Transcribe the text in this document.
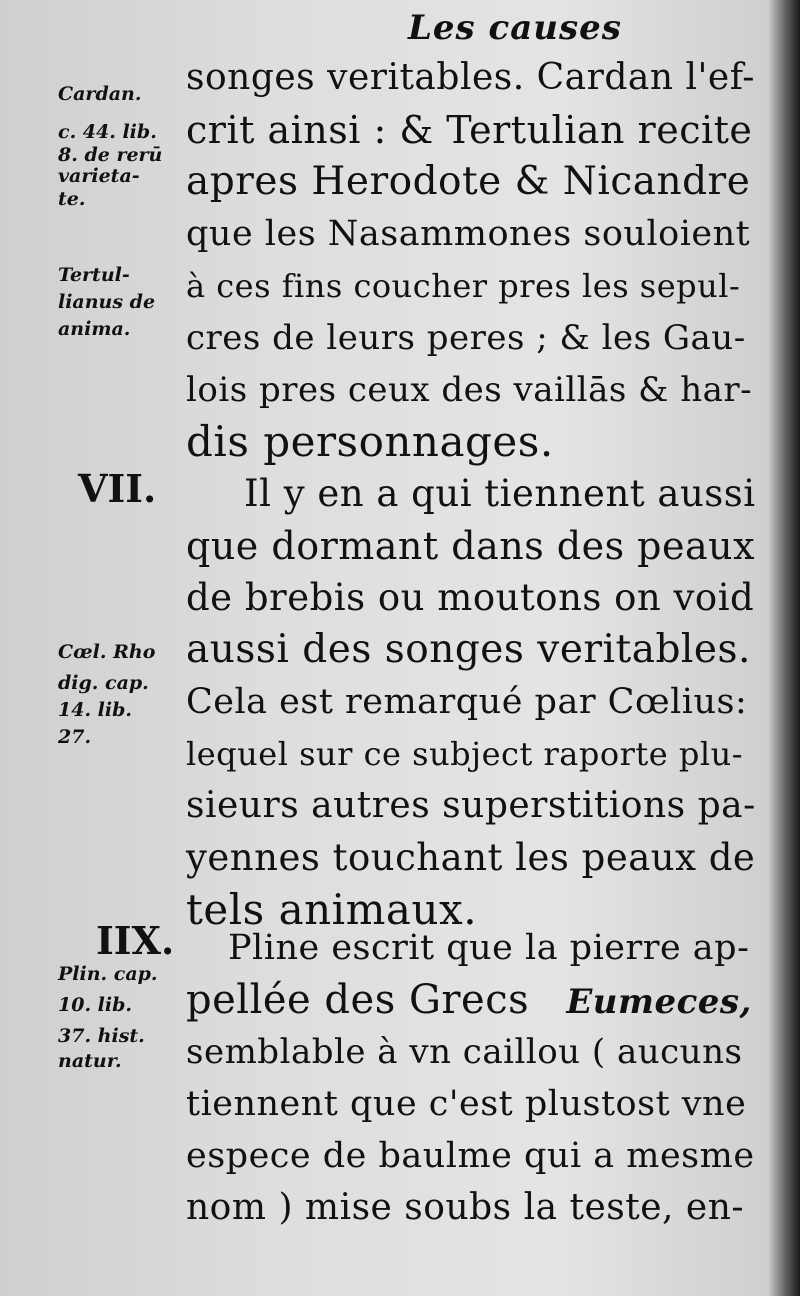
Les causes
Cardan.
c. 44. lib.
8. de rerū
varieta-
te.
Tertul-
lianus de
anima.
VII.
Cœl. Rho
dig. cap.
14. lib.
27.
IIX.
Plin. cap.
10. lib.
37. hist.
natur.
songes veritables. Cardan l'ef-
crit ainsi : & Tertulian recite
apres Herodote & Nicandre
que les Nasammones souloient
à ces fins coucher pres les sepul-
cres de leurs peres ; & les Gau-
lois pres ceux des vaillās & har-
dis personnages.
Il y en a qui tiennent aussi
que dormant dans des peaux
de brebis ou moutons on void
aussi des songes veritables.
Cela est remarqué par Cœlius:
lequel sur ce subject raporte plu-
sieurs autres superstitions pa-
yennes touchant les peaux de
tels animaux.
Pline escrit que la pierre ap-
pellée des Grecs Eumeces,
semblable à vn caillou ( aucuns
tiennent que c'est plustost vne
espece de baulme qui a mesme
nom ) mise soubs la teste, en-
